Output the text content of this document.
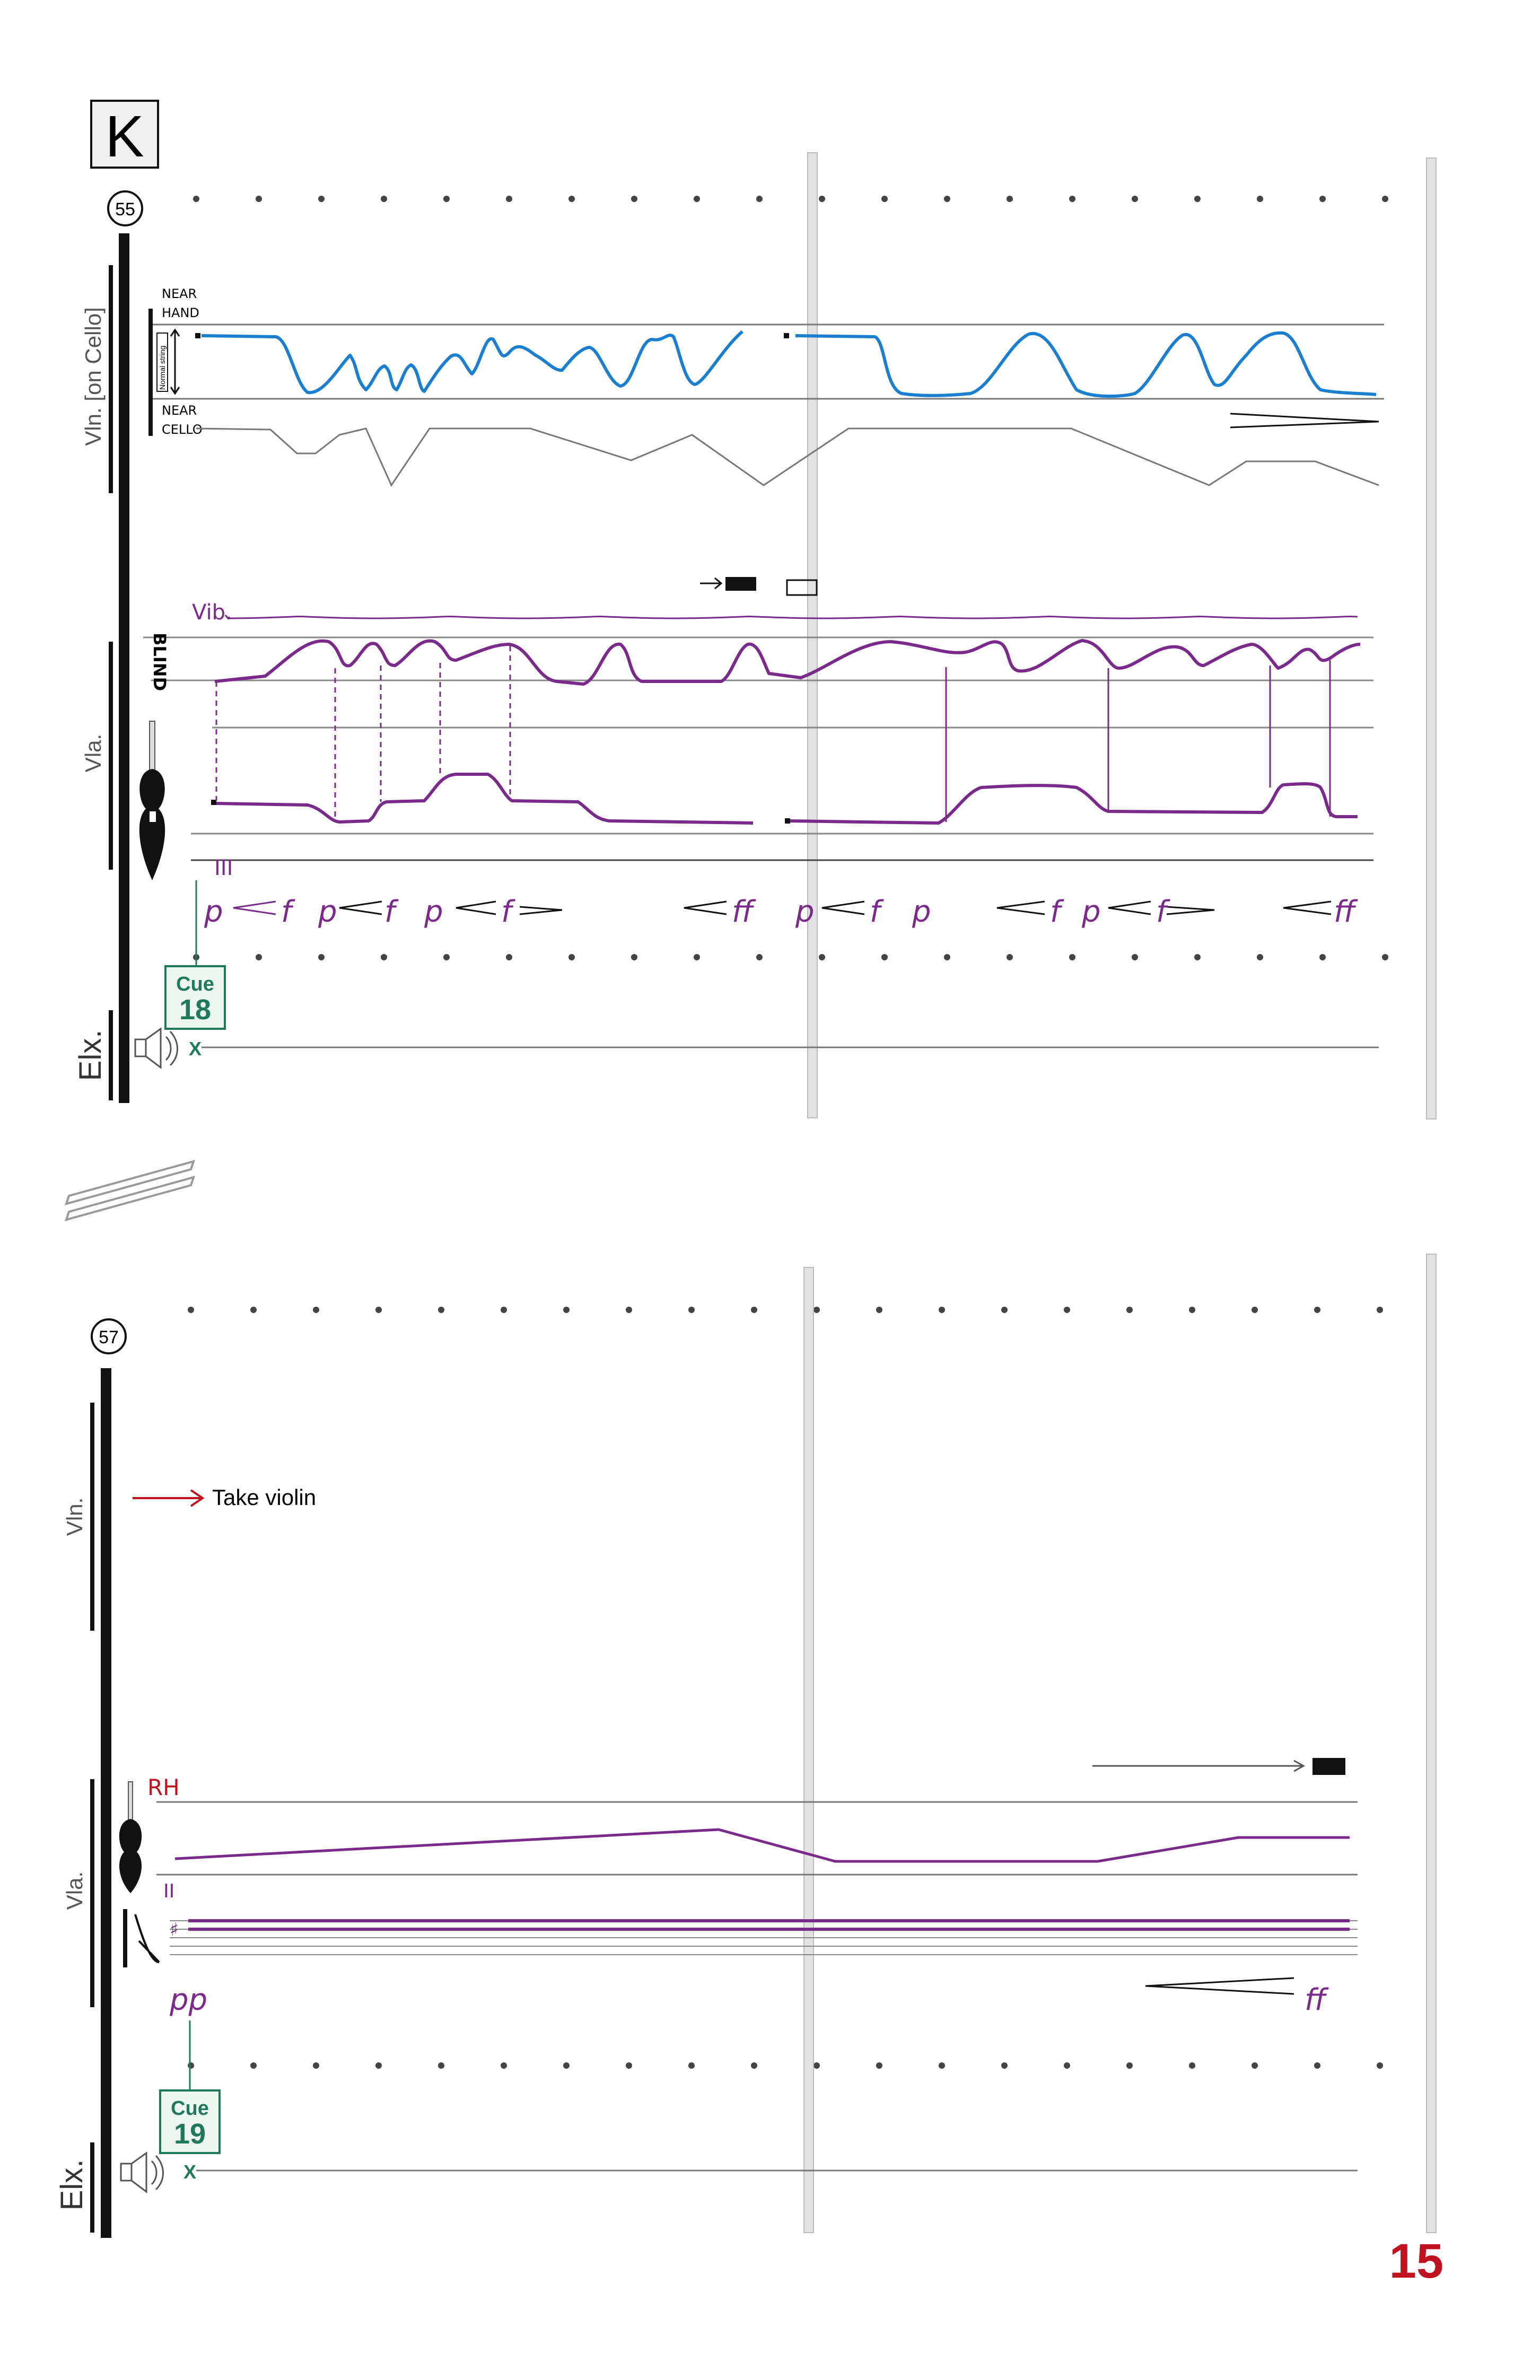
K
55
Vln. [on Cello]
Vla.
Elx.
NEAR HAND
NEAR CELLO
Normal string
Vib.
BLIND
III
p f p f p f	ff p f p	f p f	ff
Cue
18
X
57
Vln.
Vla.
Elx.
Take violin
RH
II
♯
pp	ff
Cue
19
X
15
